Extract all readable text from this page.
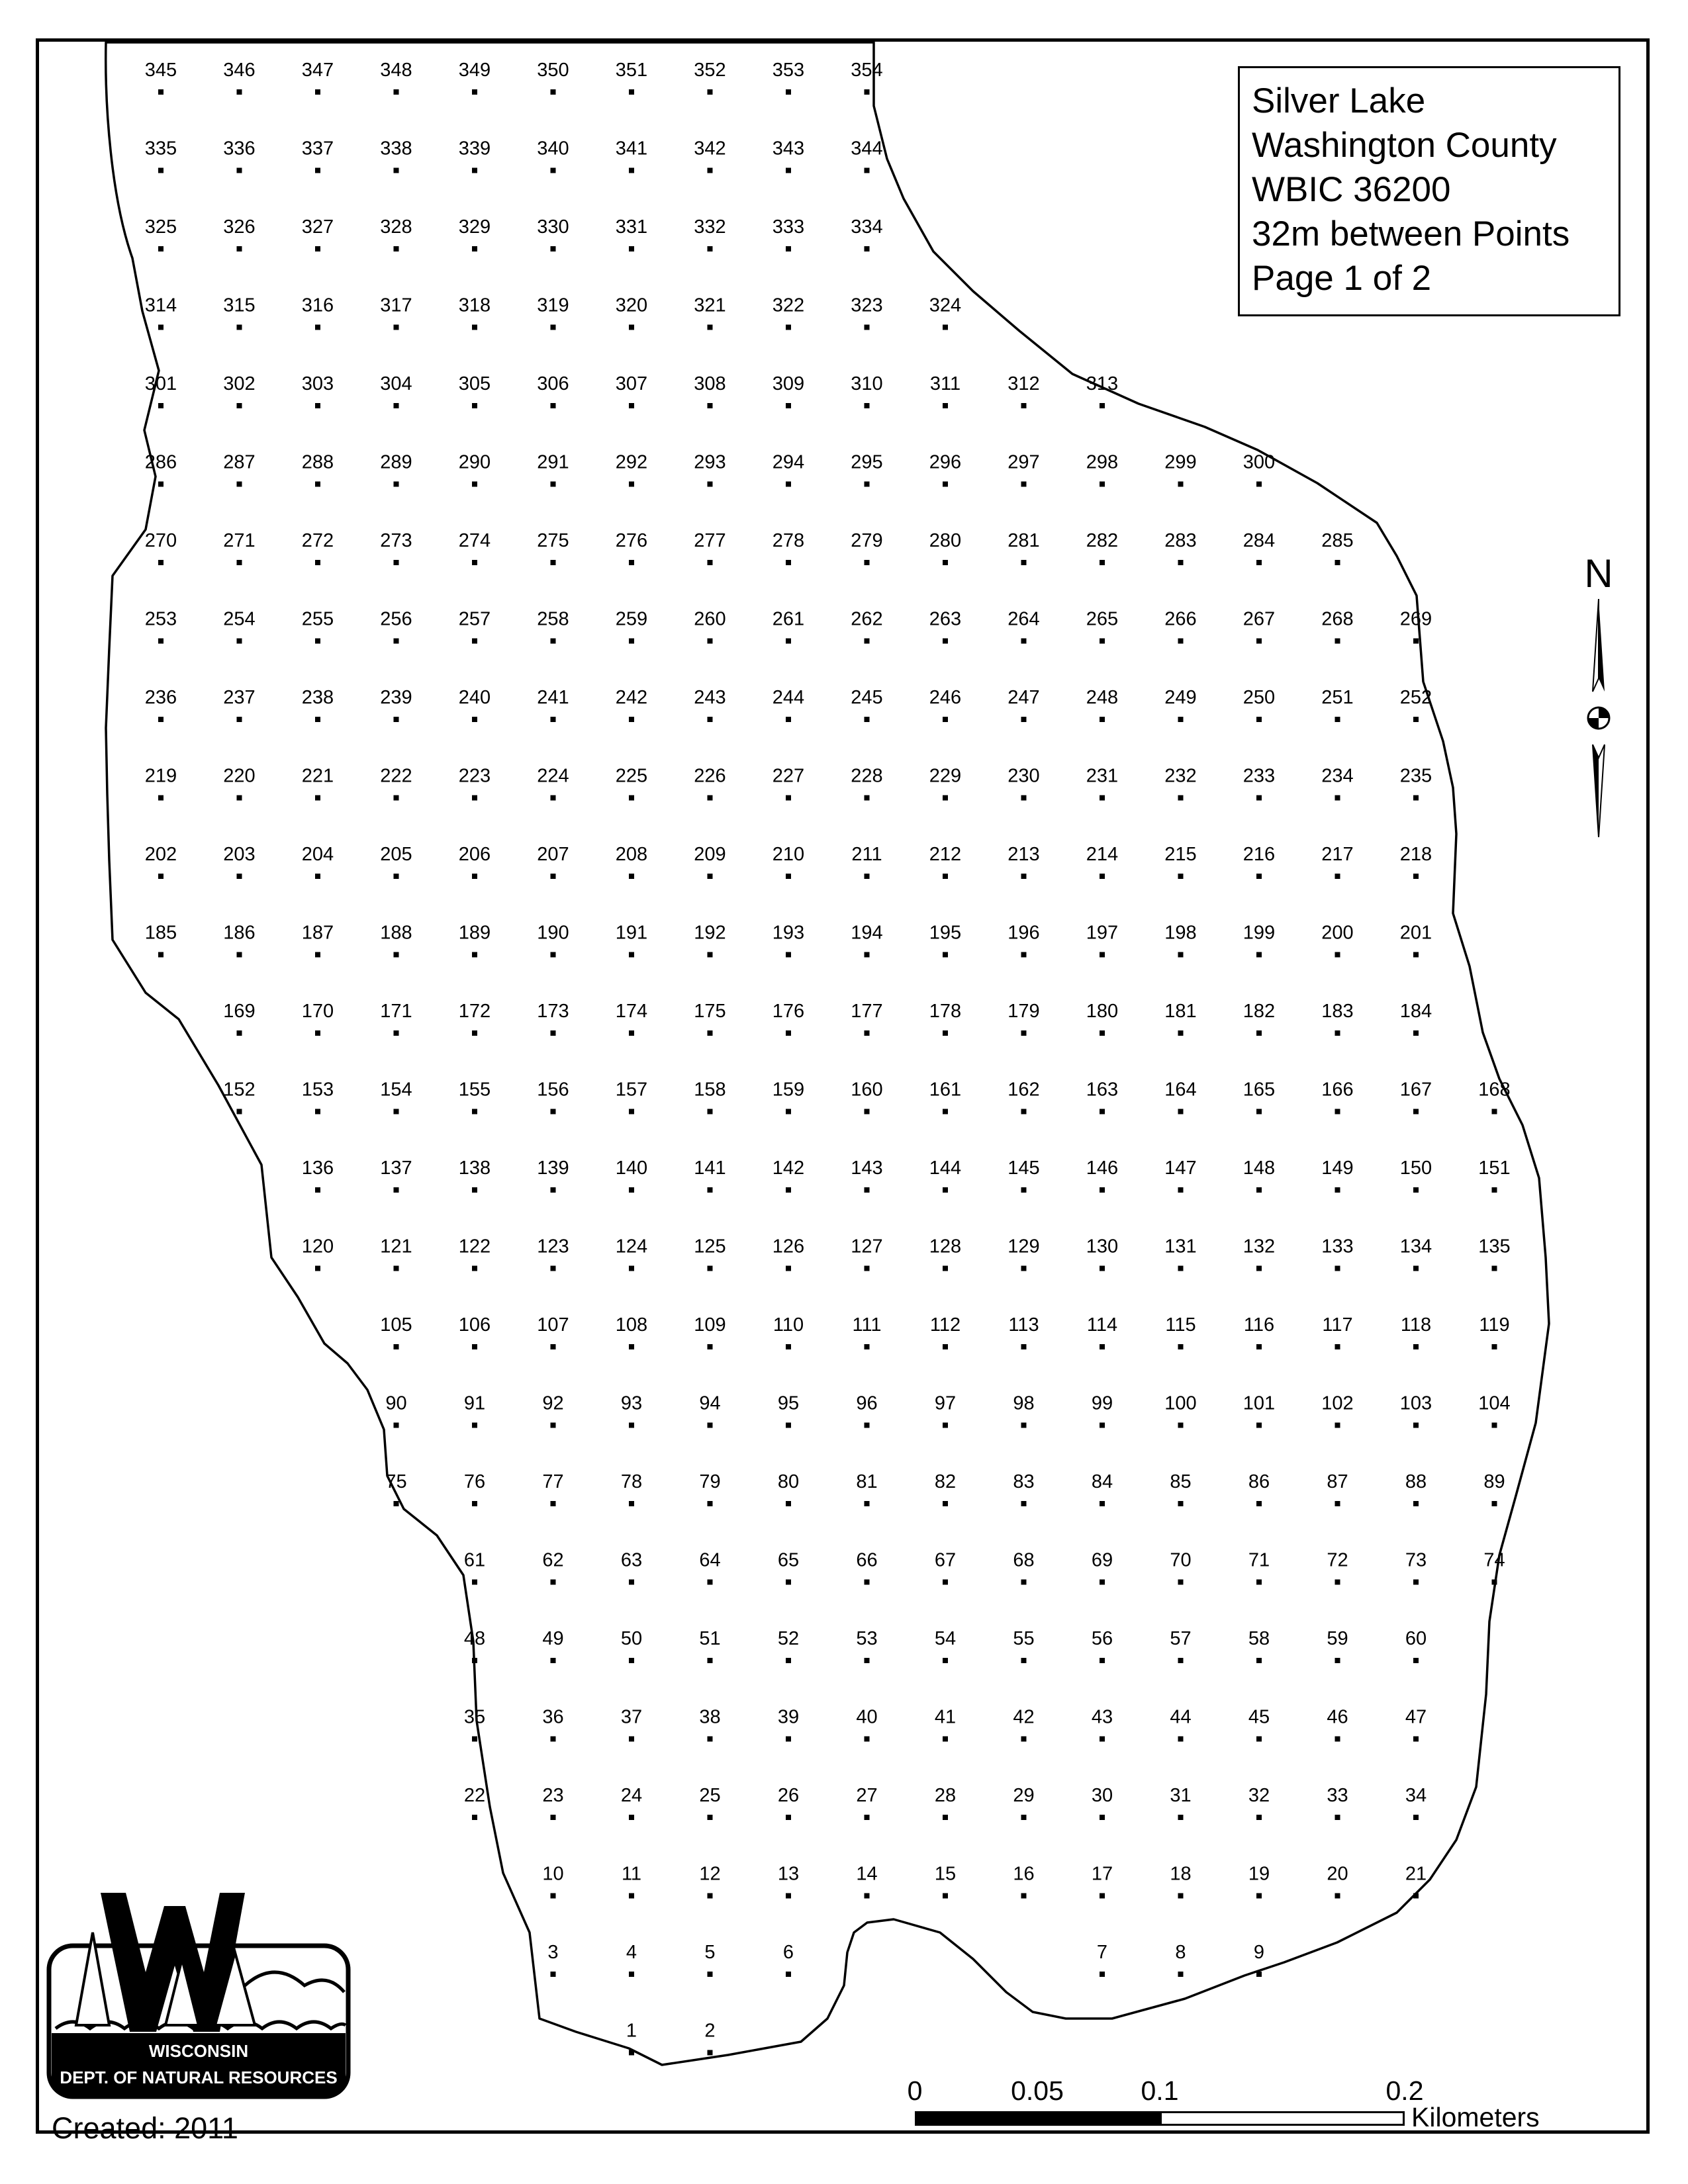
345 346 347 348 349 350 351 352 353 354
335 336 337 338 339 340 341 342 343 344
325 326 327 328 329 330 331 332 333 334
314 315 316 317 318 319 320 321 322 323 324
301 302 303 304 305 306 307 308 309 310 311 312 313
286 287 288 289 290 291 292 293 294 295 296 297 298 299 300
270 271 272 273 274 275 276 277 278 279 280 281 282 283 284 285
253 254 255 256 257 258 259 260 261 262 263 264 265 266 267 268 269
236 237 238 239 240 241 242 243 244 245 246 247 248 249 250 251 252
219 220 221 222 223 224 225 226 227 228 229 230 231 232 233 234 235
202 203 204 205 206 207 208 209 210 211 212 213 214 215 216 217 218
185 186 187 188 189 190 191 192 193 194 195 196 197 198 199 200 201
169 170 171 172 173 174 175 176 177 178 179 180 181 182 183 184
152 153 154 155 156 157 158 159 160 161 162 163 164 165 166 167 168
136 137 138 139 140 141 142 143 144 145 146 147 148 149 150 151
120 121 122 123 124 125 126 127 128 129 130 131 132 133 134 135
105 106 107 108 109 110	111	112 113 114 115 116 117 118 119
90	91	92	93	94	95	96	97	98	99	100 101 102 103 104
75	76	77	78	79	80	81	82	83	84	85	86	87	88	89
61	62	63	64	65	66	67	68	69	70	71	72	73	74
48	49	50	51	52	53	54	55	56	57	58	59	60
35	36	37	38	39	40	41	42	43	44	45	46	47
22	23	24	25	26	27	28	29	30	31	32	33	34
10	11	12	13	14	15	16	17	18	19	20	21
3	4	5	6	7	8	9
1	2
Silver Lake
Washington County
WBIC 36200
32m between Points
Page 1 of 2
N
0	0.05	0.1	0.2
Kilometers
WISCONSIN
DEPT. OF NATURAL RESOURCES
Created: 2011
